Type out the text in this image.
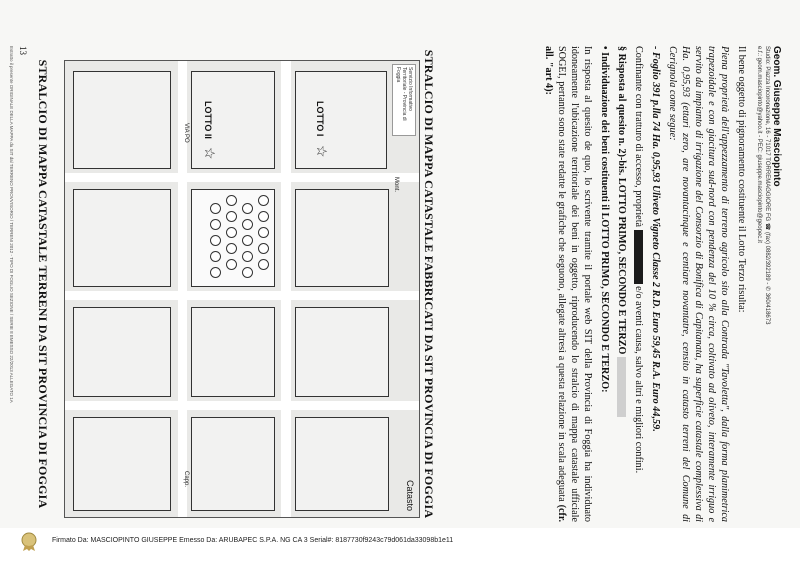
Geom. Giuseppe Masciopinto
Studio: Piazza Incoronazione, 16 - 71017 TORREMAGGIORE FG ☎ (fax) 0882/392189 - ✆ 360/418673
e.f.: geom.masciopinto@yahoo.it - PEC: giuseppe.masciopinto@geopec.it

Il bene oggetto di pignoramento costituente il Lotto Terzo risulta:

Piena proprietà dell'appezzamento di terreno agricolo sito alla Contrada "Tavoletta", dalla forma planimetrica trapezoidale e con giacitura sud-nord con pendenza del 10 % circa, coltivato ad oliveto, interamente irriguo e servito da impianto di irrigazione del Consorzio di Bonifica di Capitanata, ha superficie catastale complessiva di Ha. 0,95,93 (ettari zero, are novantacinque e centiare novantatre, censito in catasto terreni del Comune di Cerignola come segue:

- Foglio 391 p.lla 74 Ha. 0,95,93 Uliveto Vigneto Classe 2 R.D. Euro 59,45 R.A. Euro 44,59.

Confinante con tratturo di accesso, proprietà  e/o aventi causa, salvo altri e migliori confini.

§ Risposta al quesito n. 2)-bis. LOTTO PRIMO, SECONDO E TERZO

• Individuazione dei beni costituenti il LOTTO PRIMO, SECONDO E TERZO:

In risposta al quesito de quo, lo scrivente tramite il portale web SIT della Provincia di Foggia ha individuato idoneamente l'ubicazione territoriale dei beni in oggetto, riproducendo lo stralcio di mappa catastale ufficiale SOGEI, pertanto sono state redatte le grafiche che seguono, allegate altresì a questa relazione in scala adeguata (cfr. all. "art 4):

STRALCIO DI MAPPA CATASTALE FABBRICATI DA SIT PROVINCIA DI FOGGIA
Servizio Informativo Territoriale - Provincia di Foggia
Catasto
LOTTO I
☆
LOTTO II
☆
VIA PO
Capp.
Mont.
STRALCIO DI MAPPA CATASTALE TERRENI DA SIT PROVINCIA DI FOGGIA
13
Estratto il presente ORIGINALE DELLA MAPPA da SIT dal TERRENO PROVVISORIO / TERRENI 2012 - TIPO DI FOGLIO SEZIONE / SERIE 8 EMESSO 22/2013 ALLEGATO 1A
Firmato Da: MASCIOPINTO GIUSEPPE Emesso Da: ARUBAPEC S.P.A. NG CA 3 Serial#: 8187730f9243c79d061da33098b1e11
